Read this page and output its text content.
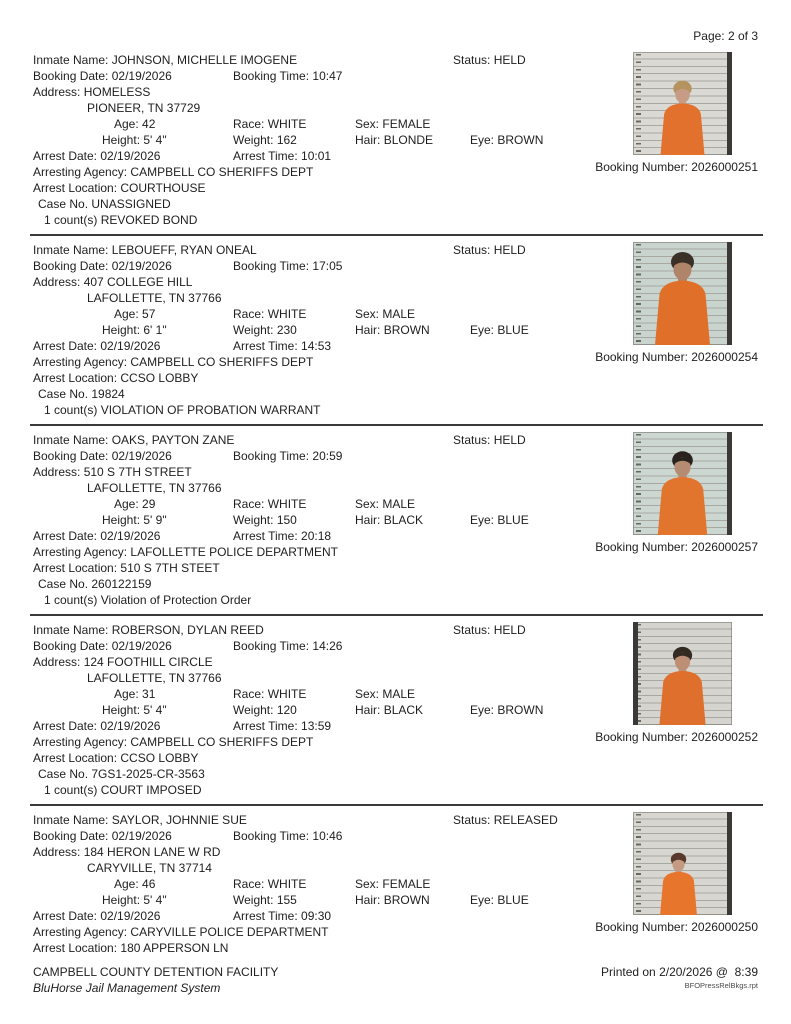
Page: 2 of 3
Inmate Name: JOHNSON, MICHELLE IMOGENE	Status: HELD
Booking Date: 02/19/2026	Booking Time: 10:47
Address: HOMELESS
PIONEER, TN 37729
Age: 42	Race: WHITE	Sex: FEMALE
Height: 5' 4"	Weight: 162	Hair: BLONDE	Eye: BROWN
Arrest Date: 02/19/2026	Arrest Time: 10:01
Arresting Agency: CAMPBELL CO SHERIFFS DEPT
Arrest Location: COURTHOUSE
Case No. UNASSIGNED
1 count(s) REVOKED BOND
Booking Number: 2026000251
Inmate Name: LEBOUEFF, RYAN ONEAL	Status: HELD
Booking Date: 02/19/2026	Booking Time: 17:05
Address: 407 COLLEGE HILL
LAFOLLETTE, TN 37766
Age: 57	Race: WHITE	Sex: MALE
Height: 6' 1"	Weight: 230	Hair: BROWN	Eye: BLUE
Arrest Date: 02/19/2026	Arrest Time: 14:53
Arresting Agency: CAMPBELL CO SHERIFFS DEPT
Arrest Location: CCSO LOBBY
Case No. 19824
1 count(s) VIOLATION OF PROBATION WARRANT
Booking Number: 2026000254
Inmate Name: OAKS, PAYTON ZANE	Status: HELD
Booking Date: 02/19/2026	Booking Time: 20:59
Address: 510 S 7TH STREET
LAFOLLETTE, TN 37766
Age: 29	Race: WHITE	Sex: MALE
Height: 5' 9"	Weight: 150	Hair: BLACK	Eye: BLUE
Arrest Date: 02/19/2026	Arrest Time: 20:18
Arresting Agency: LAFOLLETTE POLICE DEPARTMENT
Arrest Location: 510 S 7TH STEET
Case No. 260122159
1 count(s) Violation of Protection Order
Booking Number: 2026000257
Inmate Name: ROBERSON, DYLAN REED	Status: HELD
Booking Date: 02/19/2026	Booking Time: 14:26
Address: 124 FOOTHILL CIRCLE
LAFOLLETTE, TN 37766
Age: 31	Race: WHITE	Sex: MALE
Height: 5' 4"	Weight: 120	Hair: BLACK	Eye: BROWN
Arrest Date: 02/19/2026	Arrest Time: 13:59
Arresting Agency: CAMPBELL CO SHERIFFS DEPT
Arrest Location: CCSO LOBBY
Case No. 7GS1-2025-CR-3563
1 count(s) COURT IMPOSED
Booking Number: 2026000252
Inmate Name: SAYLOR, JOHNNIE SUE	Status: RELEASED
Booking Date: 02/19/2026	Booking Time: 10:46
Address: 184 HERON LANE W RD
CARYVILLE, TN 37714
Age: 46	Race: WHITE	Sex: FEMALE
Height: 5' 4"	Weight: 155	Hair: BROWN	Eye: BLUE
Arrest Date: 02/19/2026	Arrest Time: 09:30
Arresting Agency: CARYVILLE POLICE DEPARTMENT
Arrest Location: 180 APPERSON LN
Booking Number: 2026000250
CAMPBELL COUNTY DETENTION FACILITY
BluHorse Jail Management System
Printed on 2/20/2026 @  8:39
BFOPressRelBkgs.rpt
